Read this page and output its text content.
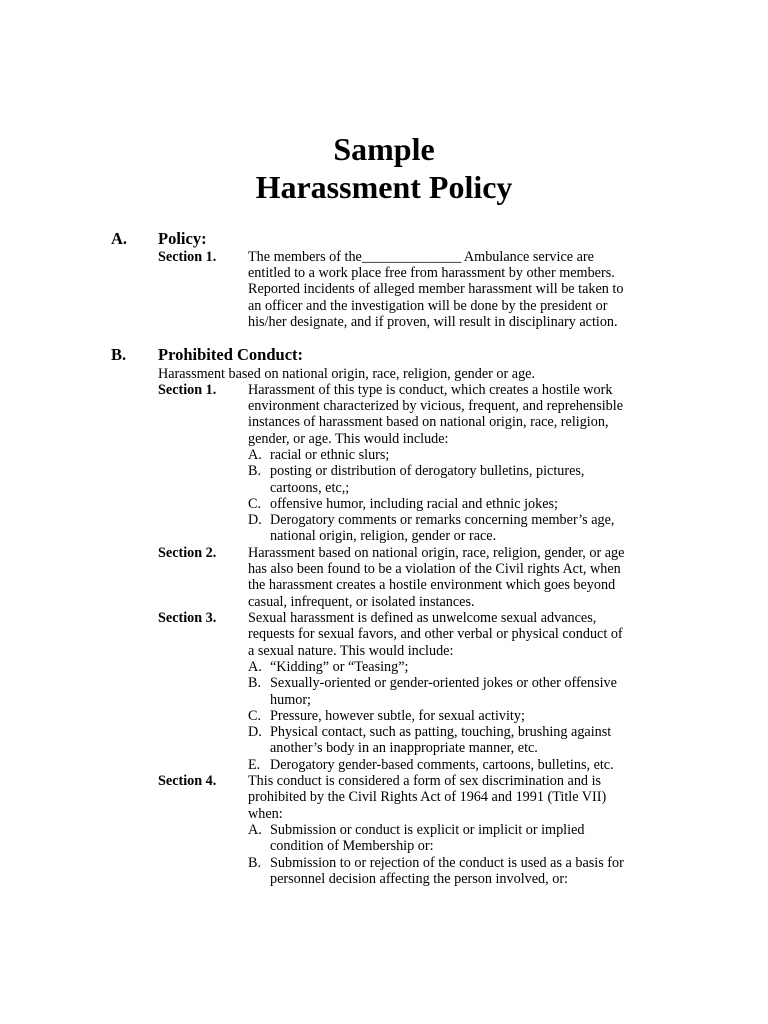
Sample
Harassment Policy
A. Policy:
Section 1. The members of the______________ Ambulance service are
entitled to a work place free from harassment by other members.
Reported incidents of alleged member harassment will be taken to
an officer and the investigation will be done by the president or
his/her designate, and if proven, will result in disciplinary action.
B. Prohibited Conduct:
Harassment based on national origin, race, religion, gender or age.
Section 1. Harassment of this type is conduct, which creates a hostile work
environment characterized by vicious, frequent, and reprehensible
instances of harassment based on national origin, race, religion,
gender, or age. This would include:
A. racial or ethnic slurs;
B. posting or distribution of derogatory bulletins, pictures,
cartoons, etc,;
C. offensive humor, including racial and ethnic jokes;
D. Derogatory comments or remarks concerning member’s age,
national origin, religion, gender or race.
Section 2. Harassment based on national origin, race, religion, gender, or age
has also been found to be a violation of the Civil rights Act, when
the harassment creates a hostile environment which goes beyond
casual, infrequent, or isolated instances.
Section 3. Sexual harassment is defined as unwelcome sexual advances,
requests for sexual favors, and other verbal or physical conduct of
a sexual nature. This would include:
A. “Kidding” or “Teasing”;
B. Sexually-oriented or gender-oriented jokes or other offensive
humor;
C. Pressure, however subtle, for sexual activity;
D. Physical contact, such as patting, touching, brushing against
another’s body in an inappropriate manner, etc.
E. Derogatory gender-based comments, cartoons, bulletins, etc.
Section 4. This conduct is considered a form of sex discrimination and is
prohibited by the Civil Rights Act of 1964 and 1991 (Title VII)
when:
A. Submission or conduct is explicit or implicit or implied
condition of Membership or:
B. Submission to or rejection of the conduct is used as a basis for
personnel decision affecting the person involved, or:
